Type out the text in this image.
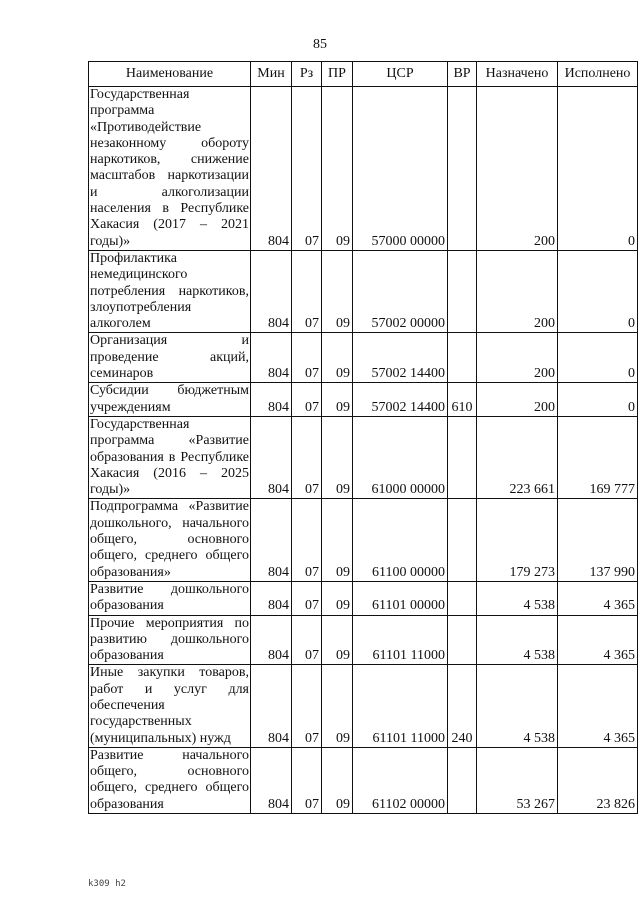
85
Наименование	Мин	Рз	ПР	ЦСР	ВР	Назначено	Исполнено
Государственная программа «Противодействие незаконному обороту наркотиков, снижение масштабов наркотизации и алкоголизации населения в Республике Хакасия (2017 – 2021 годы)»	804	07	09	57000 00000		200	0
Профилактика немедицинского потребления наркотиков, злоупотребления алкоголем	804	07	09	57002 00000		200	0
Организация и проведение акций, семинаров	804	07	09	57002 14400		200	0
Субсидии бюджетным учреждениям	804	07	09	57002 14400	610	200	0
Государственная программа «Развитие образования в Республике Хакасия (2016 – 2025 годы)»	804	07	09	61000 00000		223 661	169 777
Подпрограмма «Развитие дошкольного, начального общего, основного общего, среднего общего образования»	804	07	09	61100 00000		179 273	137 990
Развитие дошкольного образования	804	07	09	61101 00000		4 538	4 365
Прочие мероприятия по развитию дошкольного образования	804	07	09	61101 11000		4 538	4 365
Иные закупки товаров, работ и услуг для обеспечения государственных (муниципальных) нужд	804	07	09	61101 11000	240	4 538	4 365
Развитие начального общего, основного общего, среднего общего образования	804	07	09	61102 00000		53 267	23 826
k309 h2
